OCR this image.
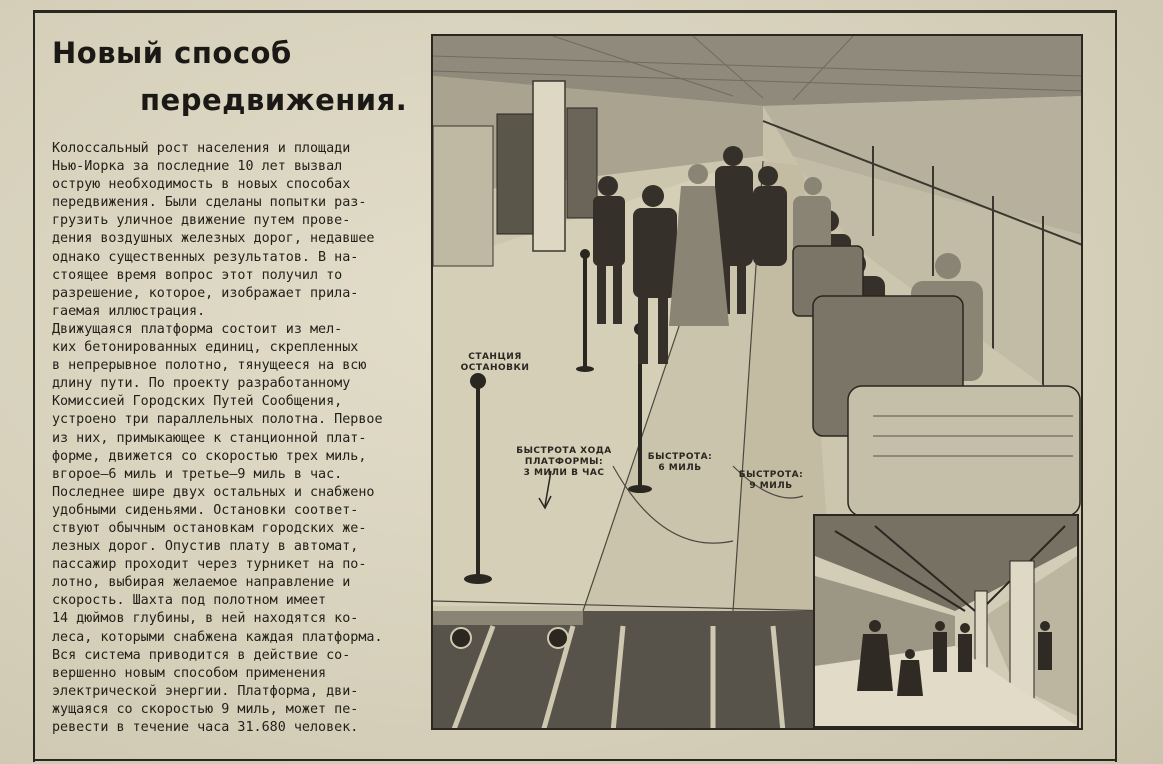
Новый способ
передвижения.
Колоссальный рост населения и площади
Нью-Иорка за последние 10 лет вызвал
острую необходимость в новых способах
передвижения. Были сделаны попытки раз-
грузить уличное движение путем прове-
дения воздушных железных дорог, недавшее
однако существенных результатов. В на-
стоящее время вопрос этот получил то
разрешение, которое, изображает прила-
гаемая иллюстрация.
Движущаяся платформа состоит из мел-
ких бетонированных единиц, скрепленных
в непрерывное полотно, тянущееся на всю
длину пути. По проекту разработанному
Комиссией Городских Путей Сообщения,
устроено три параллельных полотна. Первое
из них, примыкающее к станционной плат-
форме, движется со скоростью трех миль,
вгорое—6 миль и третье—9 миль в час.
Последнее шире двух остальных и снабжено
удобными сиденьями. Остановки соответ-
ствуют обычным остановкам городских же-
лезных дорог. Опустив плату в автомат,
пассажир проходит через турникет на по-
лотно, выбирая желаемое направление и
скорость. Шахта под полотном имеет
14 дюймов глубины, в ней находятся ко-
леса, которыми снабжена каждая платформа.
Вся система приводится в действие со-
вершенно новым способом применения
электрической энергии. Платформа, дви-
жущаяся со скоростью 9 миль, может пе-
ревести в течение часа 31.680 человек.
СТАНЦИЯ
ОСТАНОВКИ
БЫСТРОТА ХОДА ПЛАТФОРМЫ:
3 МИЛИ В ЧАС
БЫСТРОТА:
6 МИЛЬ
БЫСТРОТА:
9 МИЛЬ
